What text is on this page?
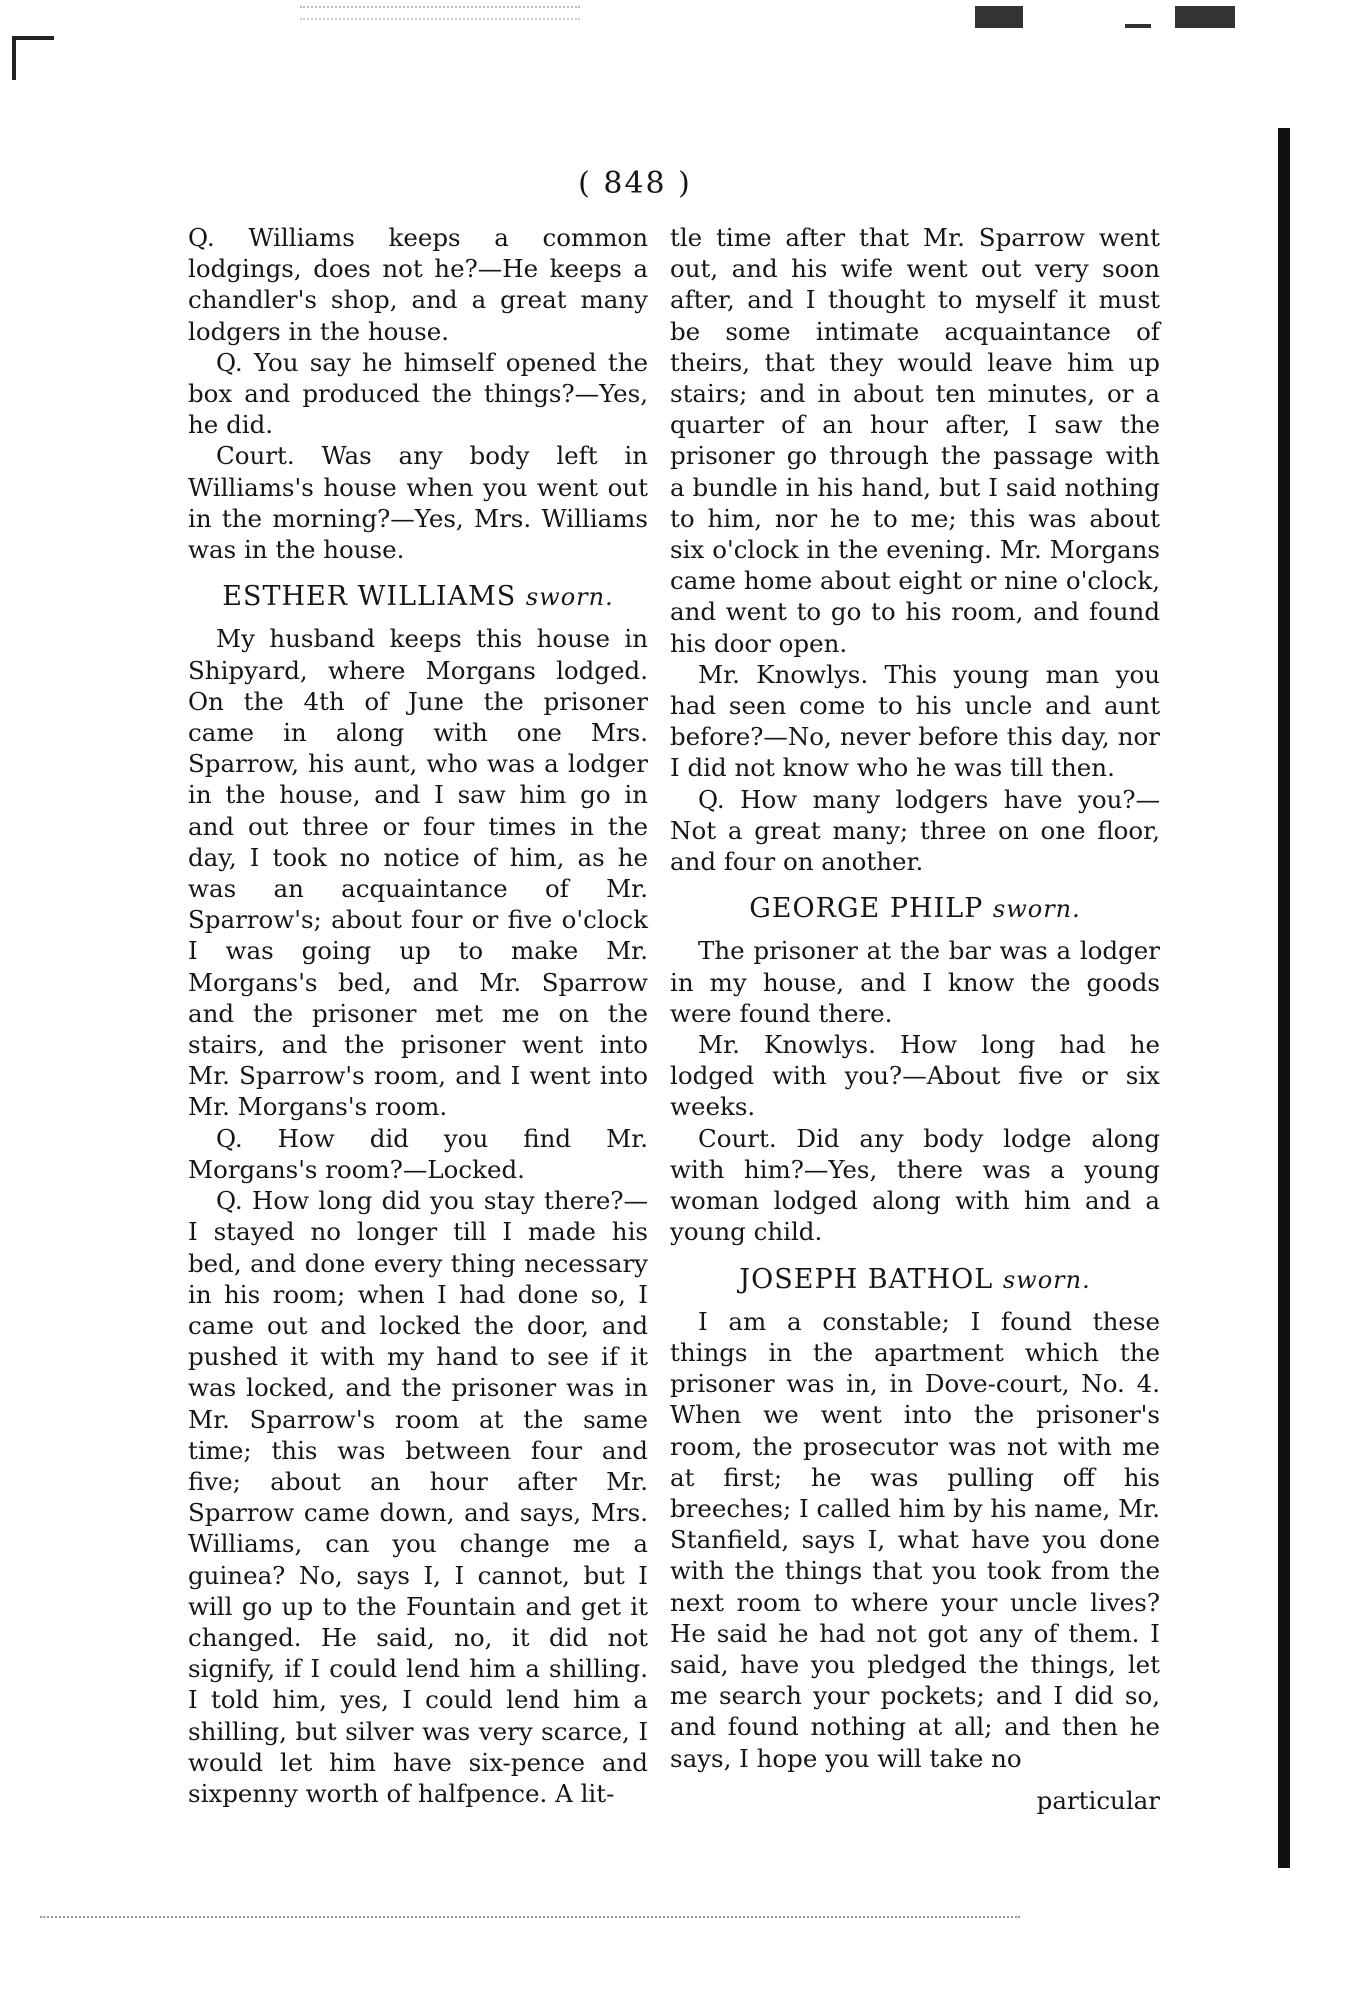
( 848 )

Q. Williams keeps a common lodgings, does not he?—He keeps a chandler's shop, and a great many lodgers in the house.

Q. You say he himself opened the box and produced the things?—Yes, he did.

Court. Was any body left in Williams's house when you went out in the morning?—Yes, Mrs. Williams was in the house.

ESTHER WILLIAMS sworn.

My husband keeps this house in Shipyard, where Morgans lodged. On the 4th of June the prisoner came in along with one Mrs. Sparrow, his aunt, who was a lodger in the house, and I saw him go in and out three or four times in the day, I took no notice of him, as he was an acquaintance of Mr. Sparrow's; about four or five o'clock I was going up to make Mr. Morgans's bed, and Mr. Sparrow and the prisoner met me on the stairs, and the prisoner went into Mr. Sparrow's room, and I went into Mr. Morgans's room.

Q. How did you find Mr. Morgans's room?—Locked.

Q. How long did you stay there?—I stayed no longer till I made his bed, and done every thing necessary in his room; when I had done so, I came out and locked the door, and pushed it with my hand to see if it was locked, and the prisoner was in Mr. Sparrow's room at the same time; this was between four and five; about an hour after Mr. Sparrow came down, and says, Mrs. Williams, can you change me a guinea? No, says I, I cannot, but I will go up to the Fountain and get it changed. He said, no, it did not signify, if I could lend him a shilling. I told him, yes, I could lend him a shilling, but silver was very scarce, I would let him have six-pence and sixpenny worth of halfpence. A lit-

tle time after that Mr. Sparrow went out, and his wife went out very soon after, and I thought to myself it must be some intimate acquaintance of theirs, that they would leave him up stairs; and in about ten minutes, or a quarter of an hour after, I saw the prisoner go through the passage with a bundle in his hand, but I said nothing to him, nor he to me; this was about six o'clock in the evening. Mr. Morgans came home about eight or nine o'clock, and went to go to his room, and found his door open.

Mr. Knowlys. This young man you had seen come to his uncle and aunt before?—No, never before this day, nor I did not know who he was till then.

Q. How many lodgers have you?—Not a great many; three on one floor, and four on another.

GEORGE PHILP sworn.

The prisoner at the bar was a lodger in my house, and I know the goods were found there.

Mr. Knowlys. How long had he lodged with you?—About five or six weeks.

Court. Did any body lodge along with him?—Yes, there was a young woman lodged along with him and a young child.

JOSEPH BATHOL sworn.

I am a constable; I found these things in the apartment which the prisoner was in, in Dove-court, No. 4. When we went into the prisoner's room, the prosecutor was not with me at first; he was pulling off his breeches; I called him by his name, Mr. Stanfield, says I, what have you done with the things that you took from the next room to where your uncle lives? He said he had not got any of them. I said, have you pledged the things, let me search your pockets; and I did so, and found nothing at all; and then he says, I hope you will take no

particular
